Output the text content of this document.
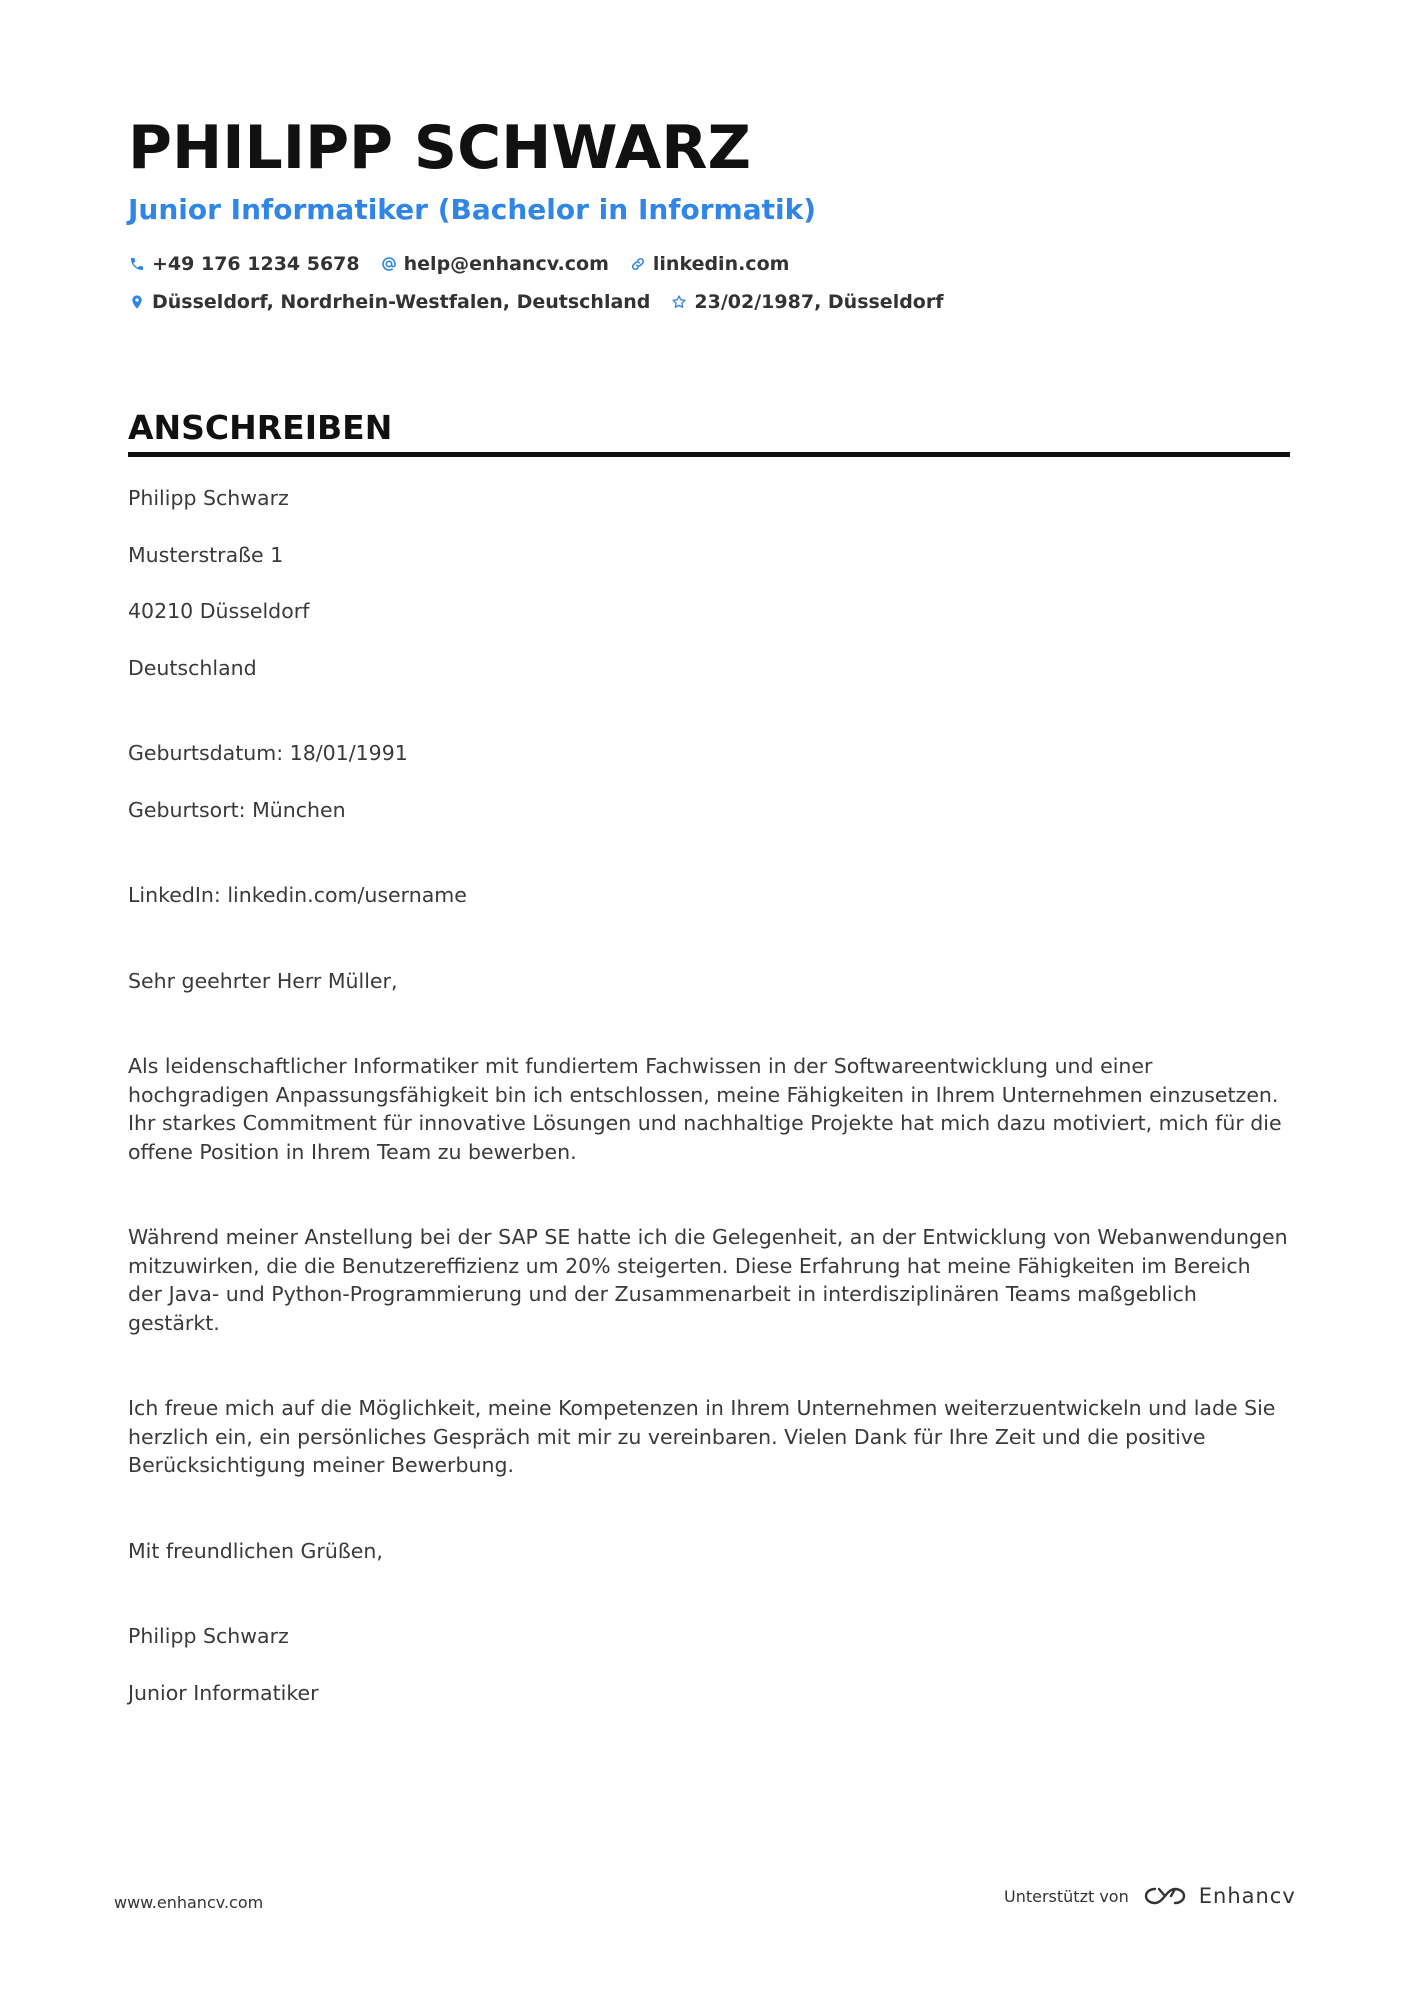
PHILIPP SCHWARZ
Junior Informatiker (Bachelor in Informatik)
+49 176 1234 5678 help@enhancv.com linkedin.com
Düsseldorf, Nordrhein-Westfalen, Deutschland 23/02/1987, Düsseldorf
ANSCHREIBEN

Philipp Schwarz

Musterstraße 1

40210 Düsseldorf

Deutschland

Geburtsdatum: 18/01/1991

Geburtsort: München

LinkedIn: linkedin.com/username

Sehr geehrter Herr Müller,

Als leidenschaftlicher Informatiker mit fundiertem Fachwissen in der Softwareentwicklung und einer hochgradigen Anpassungsfähigkeit bin ich entschlossen, meine Fähigkeiten in Ihrem Unternehmen einzusetzen. Ihr starkes Commitment für innovative Lösungen und nachhaltige Projekte hat mich dazu motiviert, mich für die offene Position in Ihrem Team zu bewerben.

Während meiner Anstellung bei der SAP SE hatte ich die Gelegenheit, an der Entwicklung von Webanwendungen mitzuwirken, die die Benutzereffizienz um 20% steigerten. Diese Erfahrung hat meine Fähigkeiten im Bereich der Java- und Python-Programmierung und der Zusammenarbeit in interdisziplinären Teams maßgeblich gestärkt.

Ich freue mich auf die Möglichkeit, meine Kompetenzen in Ihrem Unternehmen weiterzuentwickeln und lade Sie herzlich ein, ein persönliches Gespräch mit mir zu vereinbaren. Vielen Dank für Ihre Zeit und die positive Berücksichtigung meiner Bewerbung.

Mit freundlichen Grüßen,

Philipp Schwarz

Junior Informatiker

www.enhancv.com	Unterstützt von	Enhancv
